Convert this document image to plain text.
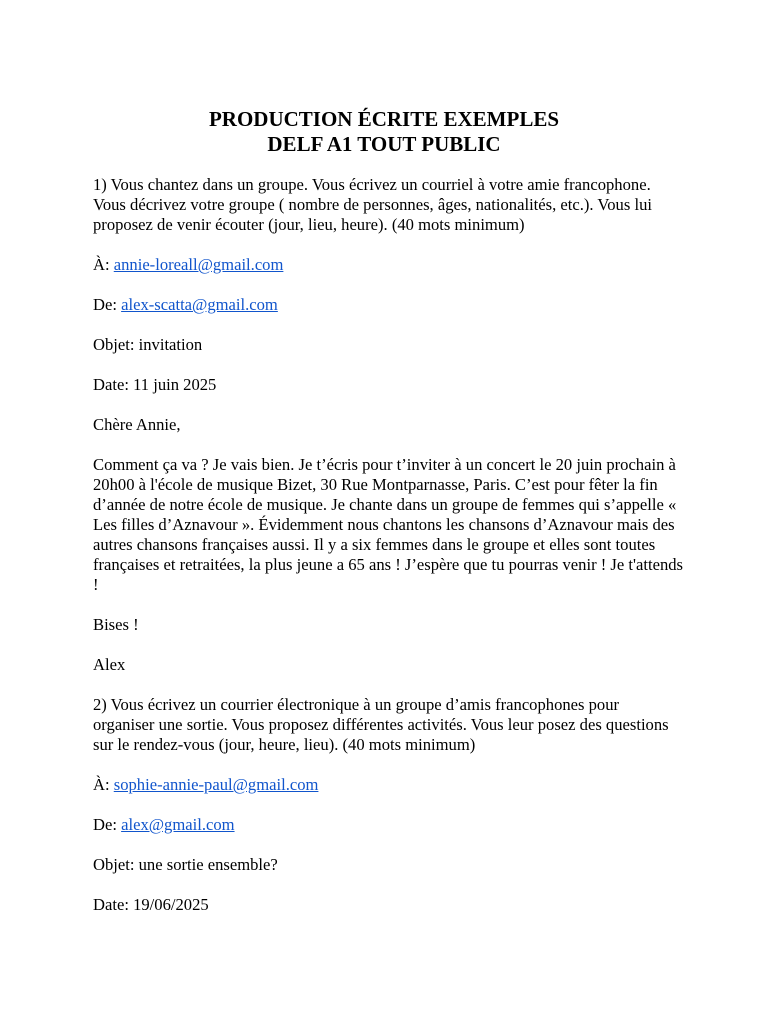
PRODUCTION ÉCRITE EXEMPLES
DELF A1 TOUT PUBLIC

1) Vous chantez dans un groupe. Vous écrivez un courriel à votre amie francophone. Vous décrivez votre groupe ( nombre de personnes, âges, nationalités, etc.). Vous lui proposez de venir écouter (jour, lieu, heure). (40 mots minimum)

À: annie-loreall@gmail.com

De: alex-scatta@gmail.com

Objet: invitation

Date: 11 juin 2025

Chère Annie,

Comment ça va ? Je vais bien. Je t’écris pour t’inviter à un concert le 20 juin prochain à 20h00 à l'école de musique Bizet, 30 Rue Montparnasse, Paris. C’est pour fêter la fin d’année de notre école de musique. Je chante dans un groupe de femmes qui s’appelle « Les filles d’Aznavour ». Évidemment nous chantons les chansons d’Aznavour mais des autres chansons françaises aussi. Il y a six femmes dans le groupe et elles sont toutes françaises et retraitées, la plus jeune a 65 ans ! J’espère que tu pourras venir ! Je t'attends !

Bises !

Alex

2) Vous écrivez un courrier électronique à un groupe d’amis francophones pour organiser une sortie. Vous proposez différentes activités. Vous leur posez des questions sur le rendez-vous (jour, heure, lieu). (40 mots minimum)

À: sophie-annie-paul@gmail.com

De: alex@gmail.com

Objet: une sortie ensemble?

Date: 19/06/2025
